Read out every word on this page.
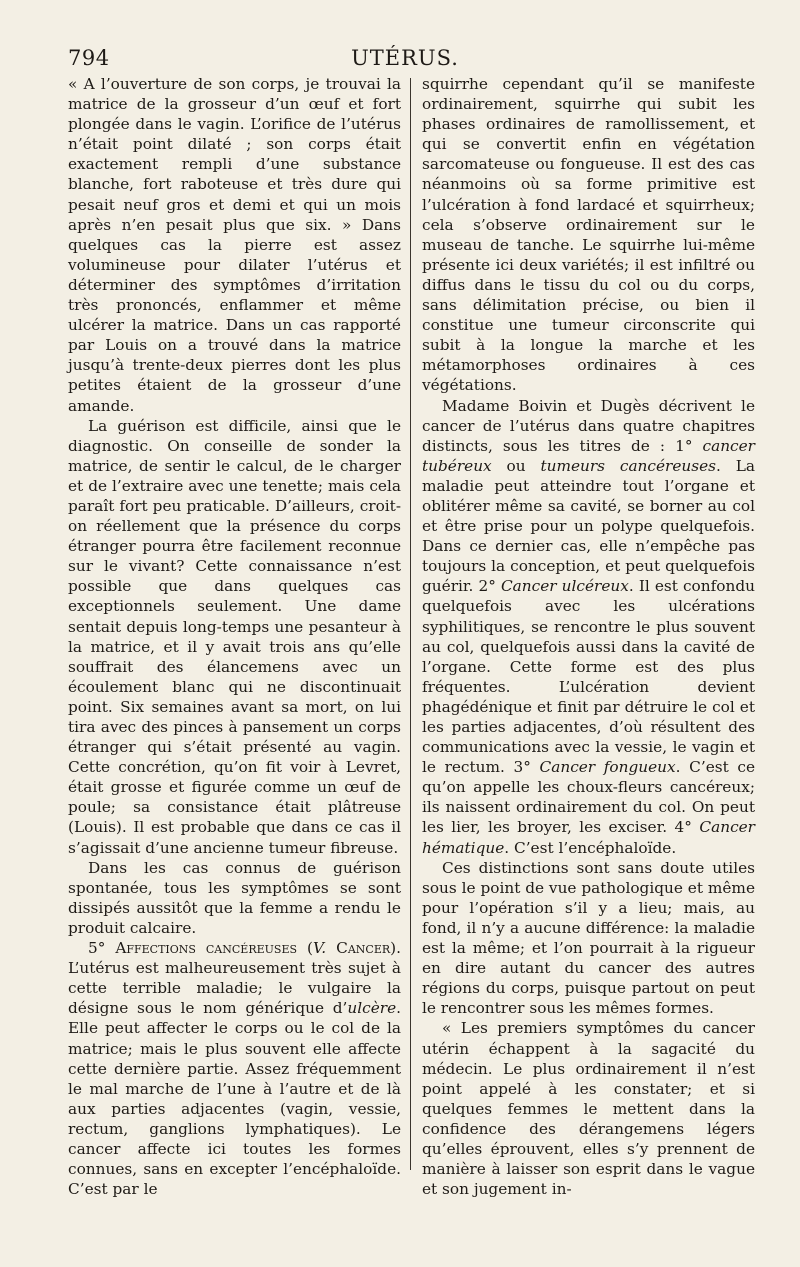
794	UTÉRUS.

« A l’ouverture de son corps, je trouvai la matrice de la grosseur d’un œuf et fort plongée dans le vagin. L’orifice de l’utérus n’était point dilaté ; son corps était exactement rempli d’une substance blanche, fort raboteuse et très dure qui pesait neuf gros et demi et qui un mois après n’en pesait plus que six. » Dans quelques cas la pierre est assez volumineuse pour dilater l’utérus et déterminer des symptômes d’irritation très prononcés, enflammer et même ulcérer la matrice. Dans un cas rapporté par Louis on a trouvé dans la matrice jusqu’à trente-deux pierres dont les plus petites étaient de la grosseur d’une amande.

La guérison est difficile, ainsi que le diagnostic. On conseille de sonder la matrice, de sentir le calcul, de le charger et de l’extraire avec une tenette; mais cela paraît fort peu praticable. D’ailleurs, croit-on réellement que la présence du corps étranger pourra être facilement reconnue sur le vivant? Cette connaissance n’est possible que dans quelques cas exceptionnels seulement. Une dame sentait depuis long-temps une pesanteur à la matrice, et il y avait trois ans qu’elle souffrait des élancemens avec un écoulement blanc qui ne discontinuait point. Six semaines avant sa mort, on lui tira avec des pinces à pansement un corps étranger qui s’était présenté au vagin. Cette concrétion, qu’on fit voir à Levret, était grosse et figurée comme un œuf de poule; sa consistance était plâtreuse (Louis). Il est probable que dans ce cas il s’agissait d’une ancienne tumeur fibreuse.

Dans les cas connus de guérison spontanée, tous les symptômes se sont dissipés aussitôt que la femme a rendu le produit calcaire.

5° Affections cancéreuses (V. Cancer). L’utérus est malheureusement très sujet à cette terrible maladie; le vulgaire la désigne sous le nom générique d’ulcère. Elle peut affecter le corps ou le col de la matrice; mais le plus souvent elle affecte cette dernière partie. Assez fréquemment le mal marche de l’une à l’autre et de là aux parties adjacentes (vagin, vessie, rectum, ganglions lymphatiques). Le cancer affecte ici toutes les formes connues, sans en excepter l’encéphaloïde. C’est par le

squirrhe cependant qu’il se manifeste ordinairement, squirrhe qui subit les phases ordinaires de ramollissement, et qui se convertit enfin en végétation sarcomateuse ou fongueuse. Il est des cas néanmoins où sa forme primitive est l’ulcération à fond lardacé et squirrheux; cela s’observe ordinairement sur le museau de tanche. Le squirrhe lui-même présente ici deux variétés; il est infiltré ou diffus dans le tissu du col ou du corps, sans délimitation précise, ou bien il constitue une tumeur circonscrite qui subit à la longue la marche et les métamorphoses ordinaires à ces végétations.

Madame Boivin et Dugès décrivent le cancer de l’utérus dans quatre chapitres distincts, sous les titres de : 1° cancer tubéreux ou tumeurs cancéreuses. La maladie peut atteindre tout l’organe et oblitérer même sa cavité, se borner au col et être prise pour un polype quelquefois. Dans ce dernier cas, elle n’empêche pas toujours la conception, et peut quelquefois guérir. 2° Cancer ulcéreux. Il est confondu quelquefois avec les ulcérations syphilitiques, se rencontre le plus souvent au col, quelquefois aussi dans la cavité de l’organe. Cette forme est des plus fréquentes. L’ulcération devient phagédénique et finit par détruire le col et les parties adjacentes, d’où résultent des communications avec la vessie, le vagin et le rectum. 3° Cancer fongueux. C’est ce qu’on appelle les choux-fleurs cancéreux; ils naissent ordinairement du col. On peut les lier, les broyer, les exciser. 4° Cancer hématique. C’est l’encéphaloïde.

Ces distinctions sont sans doute utiles sous le point de vue pathologique et même pour l’opération s’il y a lieu; mais, au fond, il n’y a aucune différence: la maladie est la même; et l’on pourrait à la rigueur en dire autant du cancer des autres régions du corps, puisque partout on peut le rencontrer sous les mêmes formes.

« Les premiers symptômes du cancer utérin échappent à la sagacité du médecin. Le plus ordinairement il n’est point appelé à les constater; et si quelques femmes le mettent dans la confidence des dérangemens légers qu’elles éprouvent, elles s’y prennent de manière à laisser son esprit dans le vague et son jugement in-
